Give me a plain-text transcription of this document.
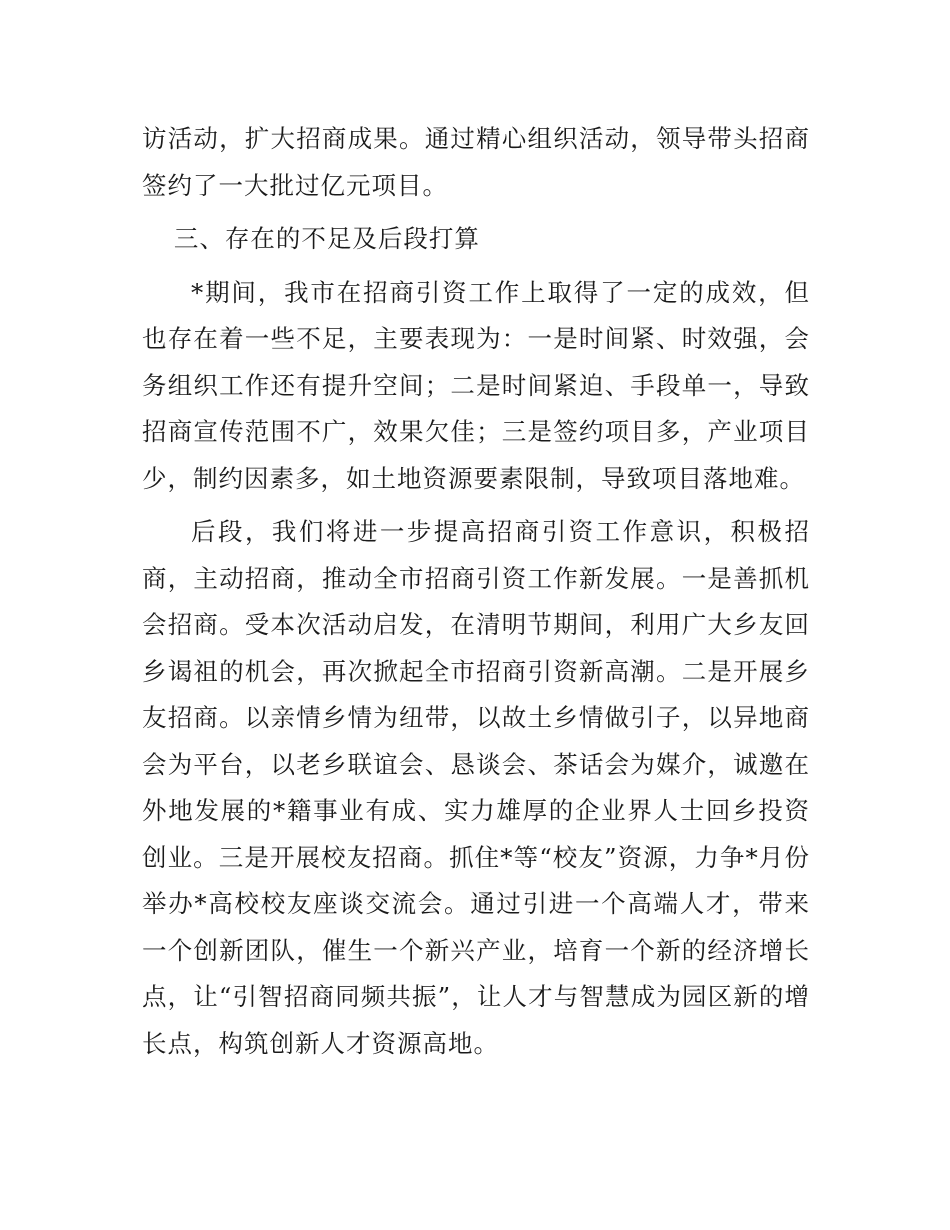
访活动，扩大招商成果。通过精心组织活动，领导带头招商签约了一大批过亿元项目。

三、存在的不足及后段打算

*期间，我市在招商引资工作上取得了一定的成效，但也存在着一些不足，主要表现为：一是时间紧、时效强，会务组织工作还有提升空间；二是时间紧迫、手段单一，导致招商宣传范围不广，效果欠佳；三是签约项目多，产业项目少，制约因素多，如土地资源要素限制，导致项目落地难。

后段，我们将进一步提高招商引资工作意识，积极招商，主动招商，推动全市招商引资工作新发展。一是善抓机会招商。受本次活动启发，在清明节期间，利用广大乡友回乡谒祖的机会，再次掀起全市招商引资新高潮。二是开展乡友招商。以亲情乡情为纽带，以故土乡情做引子，以异地商会为平台，以老乡联谊会、恳谈会、茶话会为媒介，诚邀在外地发展的*籍事业有成、实力雄厚的企业界人士回乡投资创业。三是开展校友招商。抓住*等“校友”资源，力争*月份举办*高校校友座谈交流会。通过引进一个高端人才，带来一个创新团队，催生一个新兴产业，培育一个新的经济增长点，让“引智招商同频共振”，让人才与智慧成为园区新的增长点，构筑创新人才资源高地。
